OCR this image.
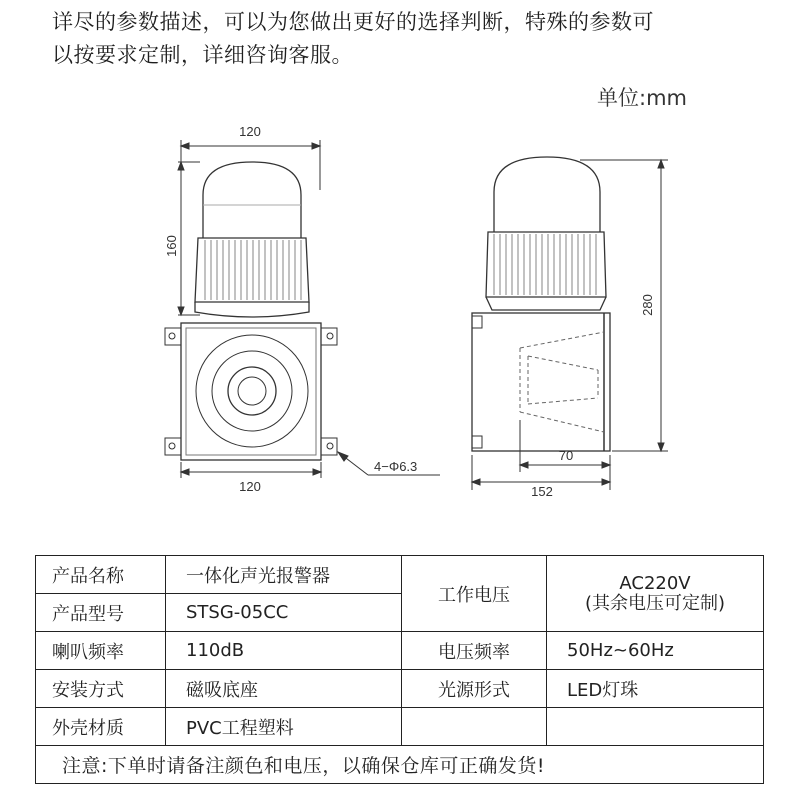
详尽的参数描述，可以为您做出更好的选择判断，特殊的参数可
以按要求定制，详细咨询客服。
单位:mm
120
160
120
4−Φ6.3
280
70
152
产品名称	一体化声光报警器	工作电压	AC220V
(其余电压可定制)

产品型号	STSG-05CC		
喇叭频率	110dB	电压频率	50Hz~60Hz
安装方式	磁吸底座	光源形式	LED灯珠
外壳材质	PVC工程塑料		
注意:下单时请备注颜色和电压，以确保仓库可正确发货!			
